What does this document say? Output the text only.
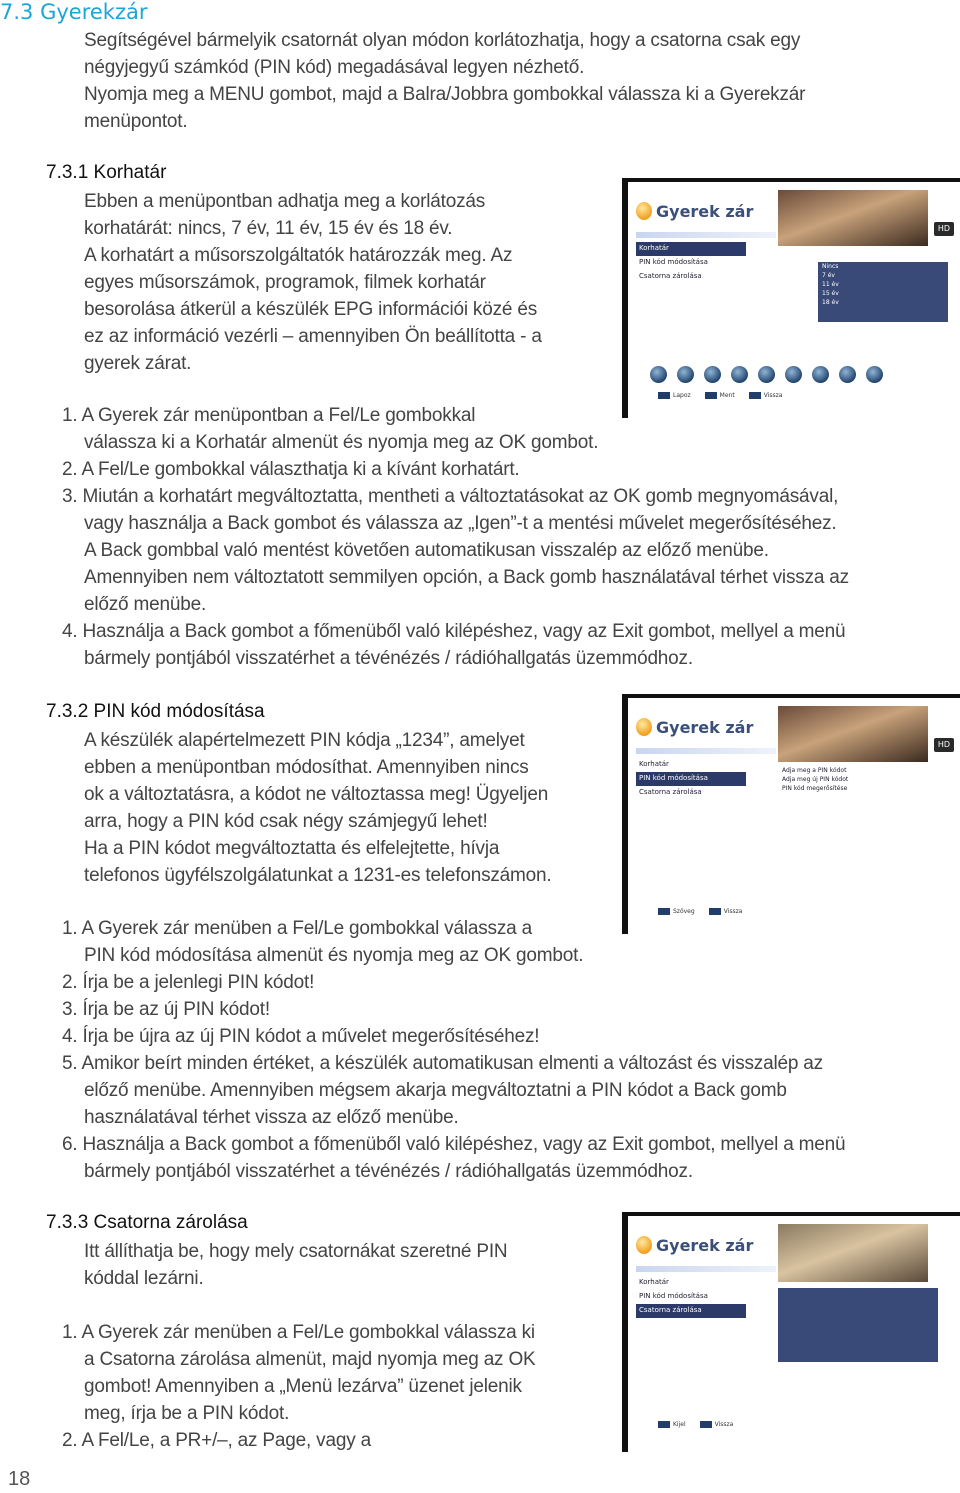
7.3 Gyerekzár
Segítségével bármelyik csatornát olyan módon korlátozhatja, hogy a csatorna csak egy
négyjegyű számkód (PIN kód) megadásával legyen nézhető.
Nyomja meg a MENU gombot, majd a Balra/Jobbra gombokkal válassza ki a Gyerekzár
menüpontot.
7.3.1 Korhatár
Ebben a menüpontban adhatja meg a korlátozás
korhatárát: nincs, 7 év, 11 év, 15 év és 18 év.
A korhatárt a műsorszolgáltatók határozzák meg. Az
egyes műsorszámok, programok, filmek korhatár
besorolása átkerül a készülék EPG információi közé és
ez az információ vezérli – amennyiben Ön beállította - a
gyerek zárat.
1. A Gyerek zár menüpontban a Fel/Le gombokkal
válassza ki a Korhatár almenüt és nyomja meg az OK gombot.
2. A Fel/Le gombokkal választhatja ki a kívánt korhatárt.
3. Miután a korhatárt megváltoztatta, mentheti a változtatásokat az OK gomb megnyomásával,
vagy használja a Back gombot és válassza az „Igen”-t a mentési művelet megerősítéséhez.
A Back gombbal való mentést követően automatikusan visszalép az előző menübe.
Amennyiben nem változtatott semmilyen opción, a Back gomb használatával térhet vissza az
előző menübe.
4. Használja a Back gombot a főmenüből való kilépéshez, vagy az Exit gombot, mellyel a menü
bármely pontjából visszatérhet a tévénézés / rádióhallgatás üzemmódhoz.
Gyerek zár
HD
Korhatár
PIN kód módosítása
Csatorna zárolása
Nincs
7 év
11 év
15 év
18 év
Lapoz	Ment	Vissza
7.3.2 PIN kód módosítása
A készülék alapértelmezett PIN kódja „1234”, amelyet
ebben a menüpontban módosíthat. Amennyiben nincs
ok a változtatásra, a kódot ne változtassa meg! Ügyeljen
arra, hogy a PIN kód csak négy számjegyű lehet!
Ha a PIN kódot megváltoztatta és elfelejtette, hívja
telefonos ügyfélszolgálatunkat a 1231-es telefonszámon.
1. A Gyerek zár menüben a Fel/Le gombokkal válassza a
PIN kód módosítása almenüt és nyomja meg az OK gombot.
2. Írja be a jelenlegi PIN kódot!
3. Írja be az új PIN kódot!
4. Írja be újra az új PIN kódot a művelet megerősítéséhez!
5. Amikor beírt minden értéket, a készülék automatikusan elmenti a változást és visszalép az
előző menübe. Amennyiben mégsem akarja megváltoztatni a PIN kódot a Back gomb
használatával térhet vissza az előző menübe.
6. Használja a Back gombot a főmenüből való kilépéshez, vagy az Exit gombot, mellyel a menü
bármely pontjából visszatérhet a tévénézés / rádióhallgatás üzemmódhoz.
Gyerek zár
HD
Korhatár
PIN kód módosítása
Csatorna zárolása
Adja meg a PIN kódot
Adja meg új PIN kódot
PIN kód megerősítése
Szöveg	Vissza
7.3.3 Csatorna zárolása
Itt állíthatja be, hogy mely csatornákat szeretné PIN
kóddal lezárni.
1. A Gyerek zár menüben a Fel/Le gombokkal válassza ki
a Csatorna zárolása almenüt, majd nyomja meg az OK
gombot! Amennyiben a „Menü lezárva” üzenet jelenik
meg, írja be a PIN kódot.
2. A Fel/Le, a PR+/–, az Page, vagy a
Gyerek zár
Korhatár
PIN kód módosítása
Csatorna zárolása
Kijel	Vissza
18
